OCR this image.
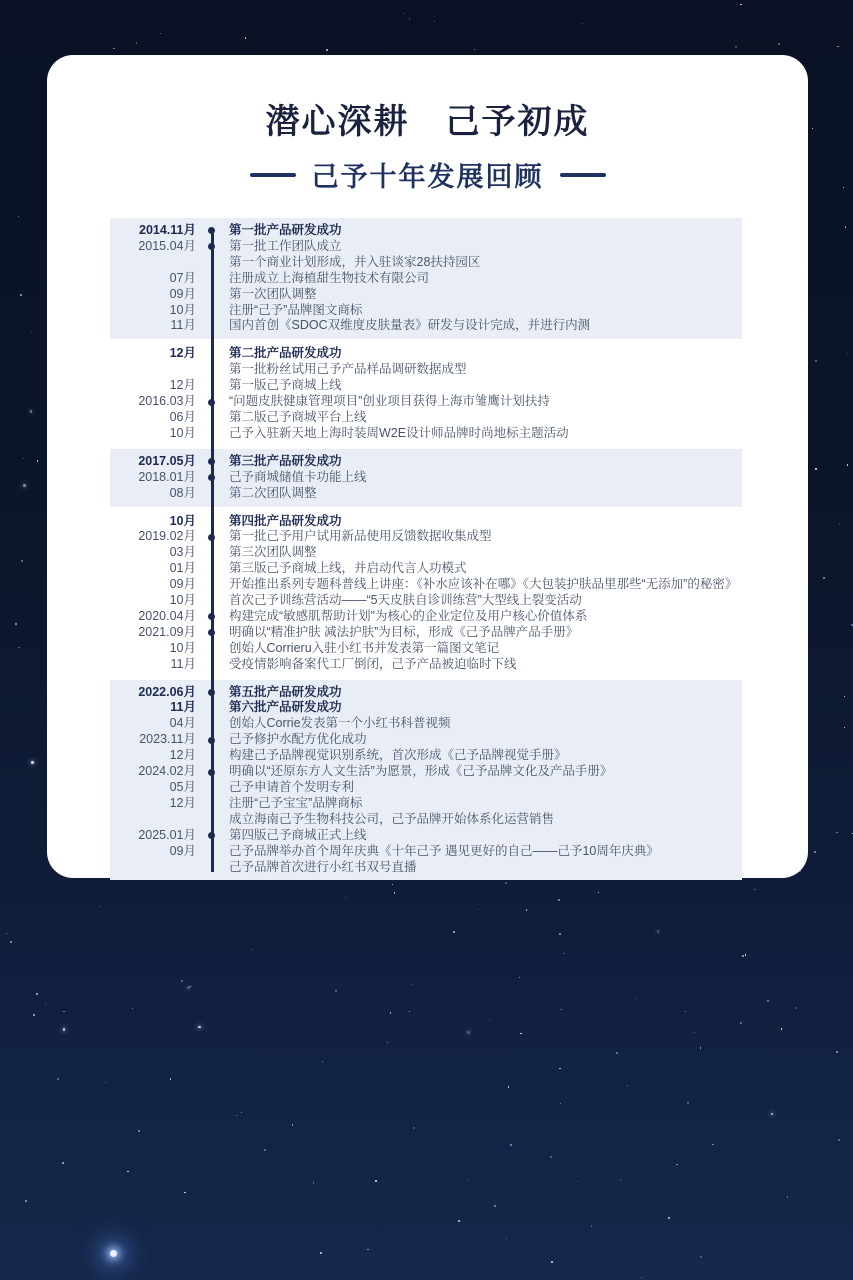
潜心深耕　己予初成
己予十年发展回顾
2014.11月	第一批产品研发成功
2015.04月	第一批工作团队成立
第一个商业计划形成，并入驻谈家28扶持园区
07月	注册成立上海植甜生物技术有限公司
09月	第一次团队调整
10月	注册“己予”品牌图文商标
11月	国内首创《SDOC双维度皮肤量表》研发与设计完成，并进行内测
12月	第二批产品研发成功
第一批粉丝试用己予产品样品调研数据成型
12月	第一版己予商城上线
2016.03月	“问题皮肤健康管理项目”创业项目获得上海市雏鹰计划扶持
06月	第二版己予商城平台上线
10月	己予入驻新天地上海时装周W2E设计师品牌时尚地标主题活动
2017.05月	第三批产品研发成功
2018.01月	己予商城储值卡功能上线
08月	第二次团队调整
10月	第四批产品研发成功
2019.02月	第一批己予用户试用新品使用反馈数据收集成型
03月	第三次团队调整
01月	第三版己予商城上线，并启动代言人功模式
09月	开始推出系列专题科普线上讲座：《补水应该补在哪》《大包装护肤品里那些“无添加”的秘密》
10月	首次己予训练营活动——“5天皮肤自诊训练营”大型线上裂变活动
2020.04月	构建完成“敏感肌帮助计划”为核心的企业定位及用户核心价值体系
2021.09月	明确以“精准护肤 减法护肤”为目标，形成《己予品牌产品手册》
10月	创始人Corrieru入驻小红书并发表第一篇图文笔记
11月	受疫情影响备案代工厂倒闭，己予产品被迫临时下线
2022.06月	第五批产品研发成功
11月	第六批产品研发成功
04月	创始人Corrie发表第一个小红书科普视频
2023.11月	己予修护水配方优化成功
12月	构建己予品牌视觉识别系统，首次形成《己予品牌视觉手册》
2024.02月	明确以“还原东方人文生活”为愿景，形成《己予品牌文化及产品手册》
05月	己予申请首个发明专利
12月	注册“己予宝宝”品牌商标
成立海南己予生物科技公司，己予品牌开始体系化运营销售
2025.01月	第四版己予商城正式上线
09月	己予品牌举办首个周年庆典《十年己予 遇见更好的自己——己予10周年庆典》
己予品牌首次进行小红书双号直播
